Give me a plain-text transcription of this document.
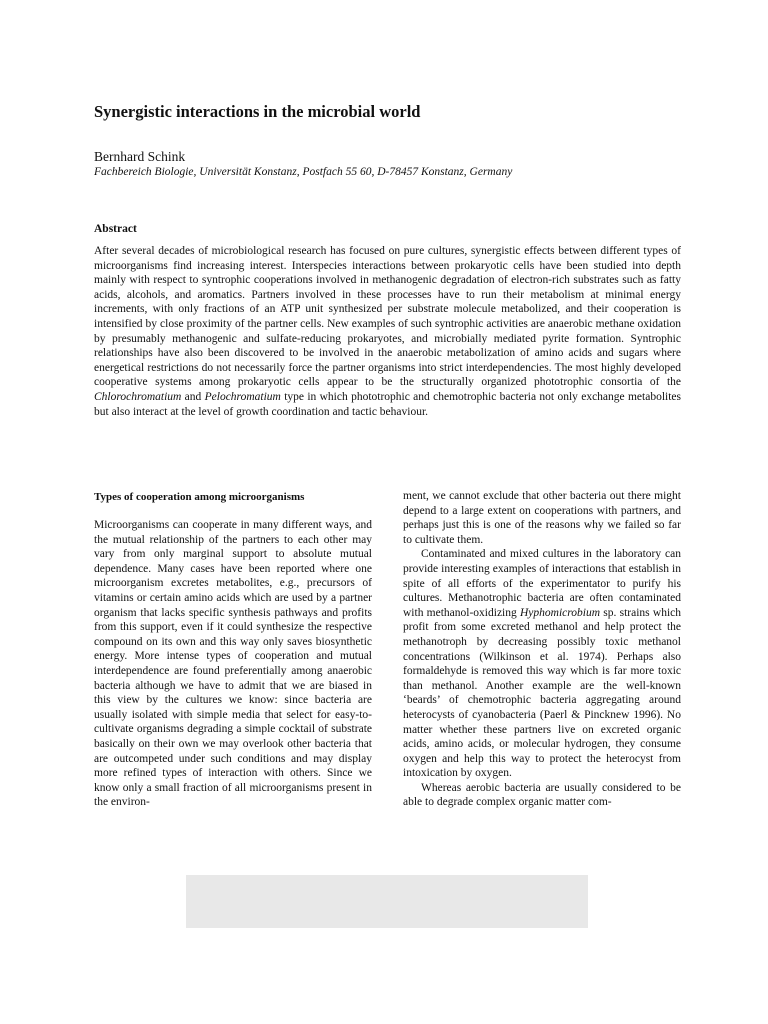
Synergistic interactions in the microbial world
Bernhard Schink
Fachbereich Biologie, Universität Konstanz, Postfach 55 60, D-78457 Konstanz, Germany
Abstract

After several decades of microbiological research has focused on pure cultures, synergistic effects between different types of microorganisms find increasing interest. Interspecies interactions between prokaryotic cells have been studied into depth mainly with respect to syntrophic cooperations involved in methanogenic degradation of electron-rich substrates such as fatty acids, alcohols, and aromatics. Partners involved in these processes have to run their metabolism at minimal energy increments, with only fractions of an ATP unit synthesized per substrate molecule metabolized, and their cooperation is intensified by close proximity of the partner cells. New examples of such syntrophic activities are anaerobic methane oxidation by presumably methanogenic and sulfate-reducing prokaryotes, and microbially mediated pyrite formation. Syntrophic relationships have also been discovered to be involved in the anaerobic metabolization of amino acids and sugars where energetical restrictions do not necessarily force the partner organisms into strict interdependencies. The most highly developed cooperative systems among prokaryotic cells appear to be the structurally organized phototrophic consortia of the Chlorochromatium and Pelochromatium type in which phototrophic and chemotrophic bacteria not only exchange metabolites but also interact at the level of growth coordination and tactic behaviour.

Types of cooperation among microorganisms

Microorganisms can cooperate in many different ways, and the mutual relationship of the partners to each other may vary from only marginal support to absolute mutual dependence. Many cases have been reported where one microorganism excretes metabolites, e.g., precursors of vitamins or certain amino acids which are used by a partner organism that lacks specific synthesis pathways and profits from this support, even if it could synthesize the respective compound on its own and this way only saves biosynthetic energy. More intense types of cooperation and mutual interdependence are found preferentially among anaerobic bacteria although we have to admit that we are biased in this view by the cultures we know: since bacteria are usually isolated with simple media that select for easy-to-cultivate organisms degrading a simple cocktail of substrate basically on their own we may overlook other bacteria that are outcompeted under such conditions and may display more refined types of interaction with others. Since we know only a small fraction of all microorganisms present in the environ-

ment, we cannot exclude that other bacteria out there might depend to a large extent on cooperations with partners, and perhaps just this is one of the reasons why we failed so far to cultivate them.

Contaminated and mixed cultures in the laboratory can provide interesting examples of interactions that establish in spite of all efforts of the experimentator to purify his cultures. Methanotrophic bacteria are often contaminated with methanol-oxidizing Hyphomicrobium sp. strains which profit from some excreted methanol and help protect the methanotroph by decreasing possibly toxic methanol concentrations (Wilkinson et al. 1974). Perhaps also formaldehyde is removed this way which is far more toxic than methanol. Another example are the well-known ‘beards’ of chemotrophic bacteria aggregating around heterocysts of cyanobacteria (Paerl & Pincknew 1996). No matter whether these partners live on excreted organic acids, amino acids, or molecular hydrogen, they consume oxygen and help this way to protect the heterocyst from intoxication by oxygen.

Whereas aerobic bacteria are usually considered to be able to degrade complex organic matter com-
